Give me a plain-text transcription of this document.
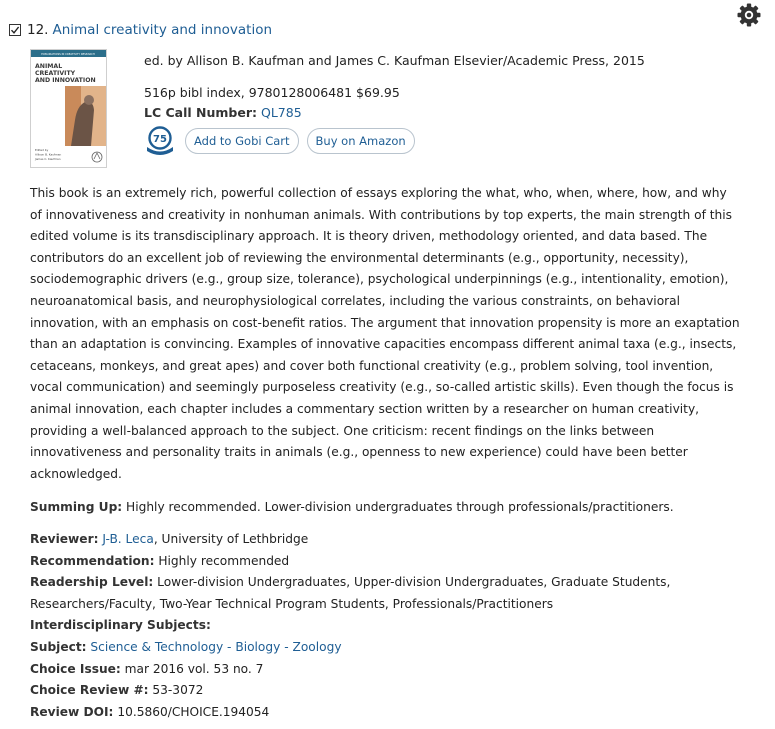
12. Animal creativity and innovation
EXPLORATIONS IN CREATIVITY RESEARCH
ANIMAL
CREATIVITY
AND INNOVATION
Edited by
Allison B. Kaufman
James C. Kaufman
ed. by Allison B. Kaufman and James C. Kaufman Elsevier/Academic Press, 2015
516p bibl index, 9780128006481 $69.95
LC Call Number: QL785
75	Add to Gobi Cart	Buy on Amazon

This book is an extremely rich, powerful collection of essays exploring the what, who, when, where, how, and why of innovativeness and creativity in nonhuman animals. With contributions by top experts, the main strength of this edited volume is its transdisciplinary approach. It is theory driven, methodology oriented, and data based. The contributors do an excellent job of reviewing the environmental determinants (e.g., opportunity, necessity), sociodemographic drivers (e.g., group size, tolerance), psychological underpinnings (e.g., intentionality, emotion), neuroanatomical basis, and neurophysiological correlates, including the various constraints, on behavioral innovation, with an emphasis on cost-benefit ratios. The argument that innovation propensity is more an exaptation than an adaptation is convincing. Examples of innovative capacities encompass different animal taxa (e.g., insects, cetaceans, monkeys, and great apes) and cover both functional creativity (e.g., problem solving, tool invention, vocal communication) and seemingly purposeless creativity (e.g., so-called artistic skills). Even though the focus is animal innovation, each chapter includes a commentary section written by a researcher on human creativity, providing a well-balanced approach to the subject. One criticism: recent findings on the links between innovativeness and personality traits in animals (e.g., openness to new experience) could have been better acknowledged.

Summing Up: Highly recommended. Lower-division undergraduates through professionals/practitioners.
Reviewer: J-B. Leca, University of Lethbridge
Recommendation: Highly recommended
Readership Level: Lower-division Undergraduates, Upper-division Undergraduates, Graduate Students, Researchers/Faculty, Two-Year Technical Program Students, Professionals/Practitioners
Interdisciplinary Subjects:
Subject: Science & Technology - Biology - Zoology
Choice Issue: mar 2016 vol. 53 no. 7
Choice Review #: 53-3072
Review DOI: 10.5860/CHOICE.194054
